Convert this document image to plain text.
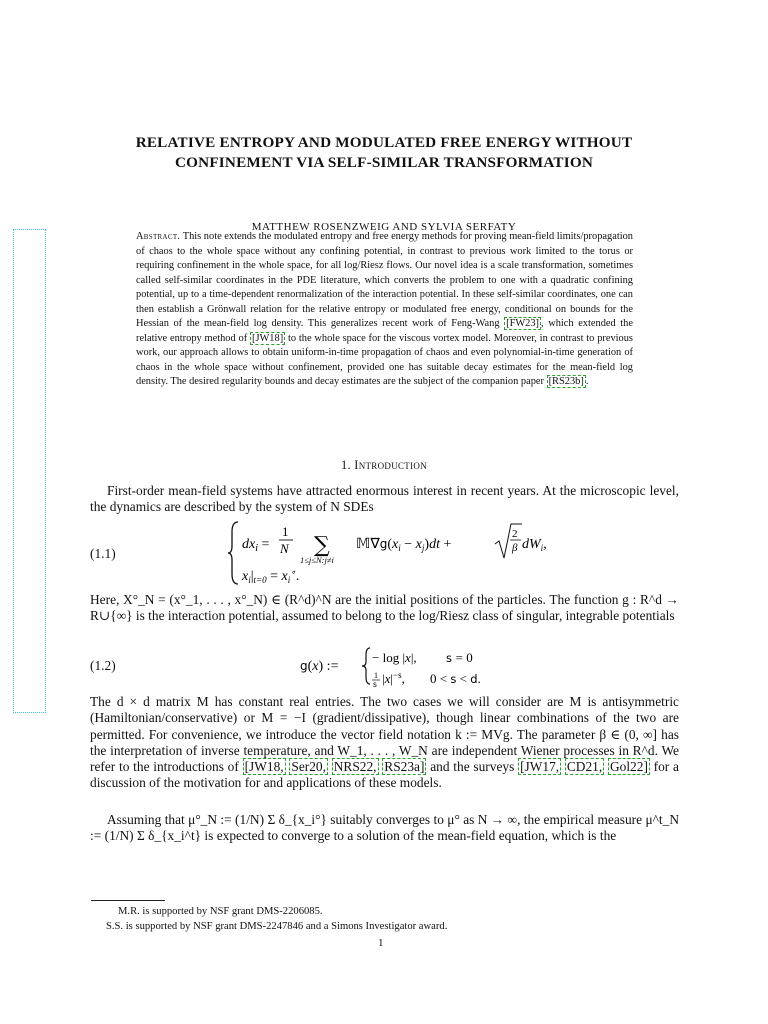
RELATIVE ENTROPY AND MODULATED FREE ENERGY WITHOUT
CONFINEMENT VIA SELF-SIMILAR TRANSFORMATION
MATTHEW ROSENZWEIG AND SYLVIA SERFATY
Abstract. This note extends the modulated entropy and free energy methods for proving mean-field limits/propagation of chaos to the whole space without any confining potential, in contrast to previous work limited to the torus or requiring confinement in the whole space, for all log/Riesz flows. Our novel idea is a scale transformation, sometimes called self-similar coordinates in the PDE literature, which converts the problem to one with a quadratic confining potential, up to a time-dependent renormalization of the interaction potential. In these self-similar coordinates, one can then establish a Grönwall relation for the relative entropy or modulated free energy, conditional on bounds for the Hessian of the mean-field log density. This generalizes recent work of Feng-Wang [FW23] , which extended the relative entropy method of [JW18] to the whole space for the viscous vortex model. Moreover, in contrast to previous work, our approach allows to obtain uniform-in-time propagation of chaos and even polynomial-in-time generation of chaos in the whole space without confinement, provided one has suitable decay estimates for the mean-field log density. The desired regularity bounds and decay estimates are the subject of the companion paper [RS23b] .
1. Introduction
First-order mean-field systems have attracted enormous interest in recent years. At the microscopic level, the dynamics are described by the system of N SDEs
(1.1)
$dx_i$ =
1
N ∑
1≤j≤N:j≠i
$𝕄\nabla g(x_i - x_j)dt$ +
2
β $dW_i$,
$x_i|_{t=0} = x_i^\circ$.
Here, X°_N = (x°_1, . . . , x°_N) ∈ (R^d)^N are the initial positions of the particles. The function g : R^d → R∪{∞} is the interaction potential, assumed to belong to the log/Riesz class of singular, integrable potentials
(1.2)	g(x) :=
− log |x|,	s = 0
1
s $|x|^{-s}$, 0 < s < d.
The d × d matrix M has constant real entries. The two cases we will consider are M is antisymmetric (Hamiltonian/conservative) or M = −I (gradient/dissipative), though linear combinations of the two are permitted. For convenience, we introduce the vector field notation k := MVg. The parameter β ∈ (0, ∞] has the interpretation of inverse temperature, and W_1, . . . , W_N are independent Wiener processes in R^d. We refer to the introductions of [JW18, Ser20, NRS22, RS23a] and the surveys [JW17, CD21, Gol22] for a discussion of the motivation for and applications of these models.
Assuming that μ°_N := (1/N) Σ δ_{x_i°} suitably converges to μ° as N → ∞, the empirical measure μ^t_N := (1/N) Σ δ_{x_i^t} is expected to converge to a solution of the mean-field equation, which is the
M.R. is supported by NSF grant DMS-2206085.
S.S. is supported by NSF grant DMS-2247846 and a Simons Investigator award.
1
